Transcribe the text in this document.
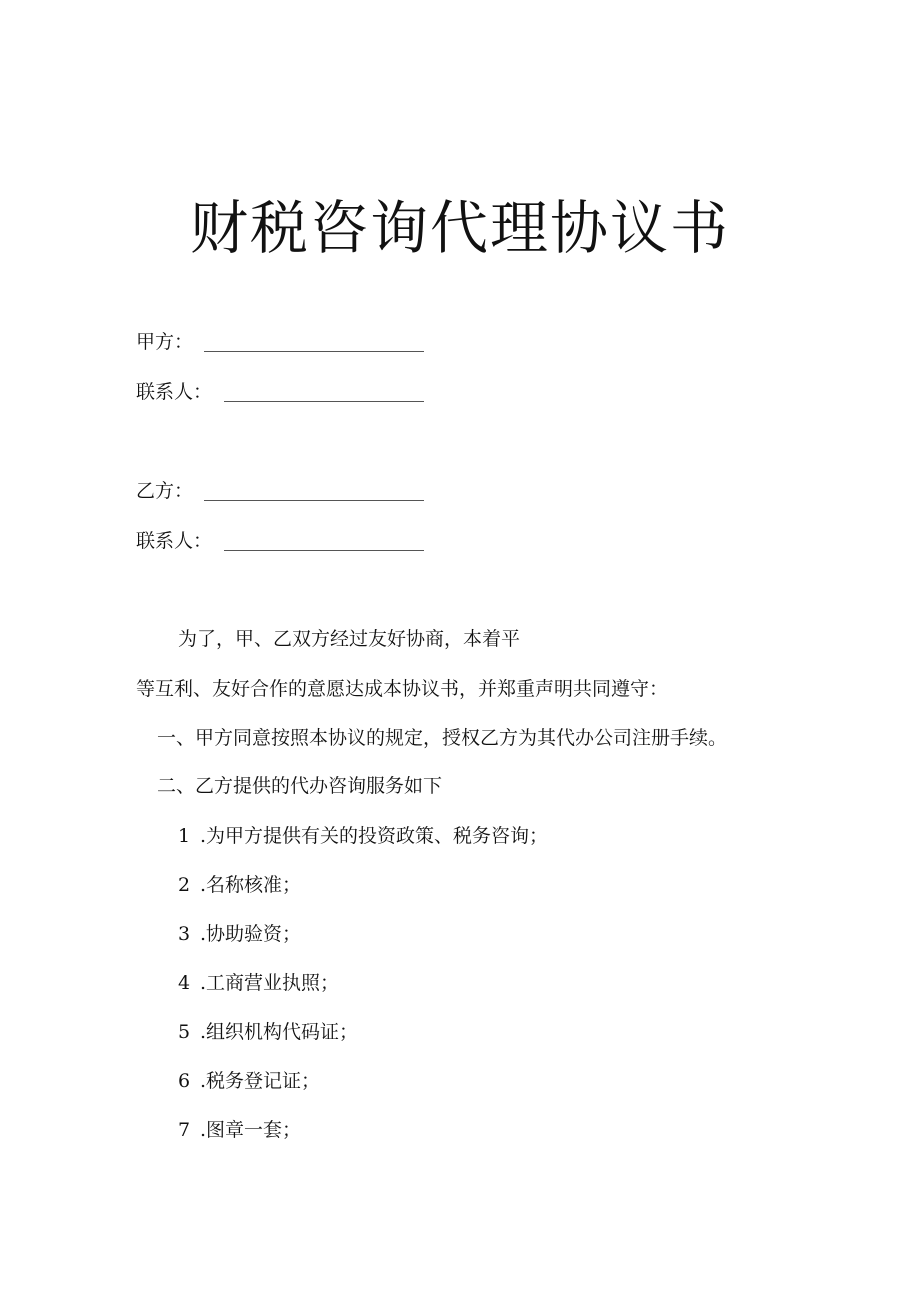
财税咨询代理协议书
甲方：
联系人：
乙方：
联系人：
为了，甲、乙双方经过友好协商，本着平
等互利、友好合作的意愿达成本协议书，并郑重声明共同遵守：
一、甲方同意按照本协议的规定，授权乙方为其代办公司注册手续。
二、乙方提供的代办咨询服务如下
1 .为甲方提供有关的投资政策、税务咨询；
2 .名称核准；
3 .协助验资；
4 .工商营业执照；
5 .组织机构代码证；
6 .税务登记证；
7 .图章一套；
